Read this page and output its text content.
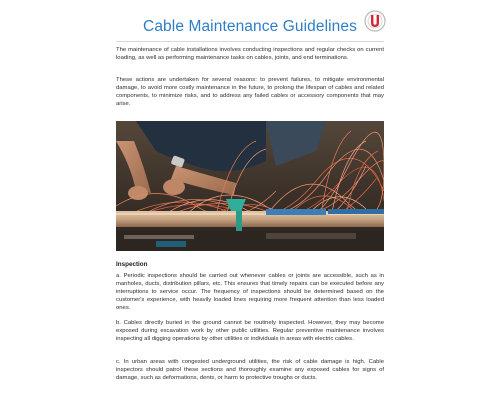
Cable Maintenance Guidelines

The maintenance of cable installations involves conducting inspections and regular checks on current loading, as well as performing maintenance tasks on cables, joints, and end terminations.

These actions are undertaken for several reasons: to prevent failures, to mitigate environmental damage, to avoid more costly maintenance in the future, to prolong the lifespan of cables and related components, to minimize risks, and to address any failed cables or accessory components that may arise.

Inspection

a. Periodic inspections should be carried out whenever cables or joints are accessible, such as in manholes, ducts, distribution pillars, etc. This ensures that timely repairs can be executed before any interruptions to service occur. The frequency of inspections should be determined based on the customer's experience, with heavily loaded lines requiring more frequent attention than less loaded ones.

b. Cables directly buried in the ground cannot be routinely inspected. However, they may become exposed during excavation work by other public utilities. Regular preventive maintenance involves inspecting all digging operations by other utilities or individuals in areas with electric cables.

c. In urban areas with congested underground utilities, the risk of cable damage is high. Cable inspectors should patrol these sections and thoroughly examine any exposed cables for signs of damage, such as deformations, dents, or harm to protective troughs or ducts.
